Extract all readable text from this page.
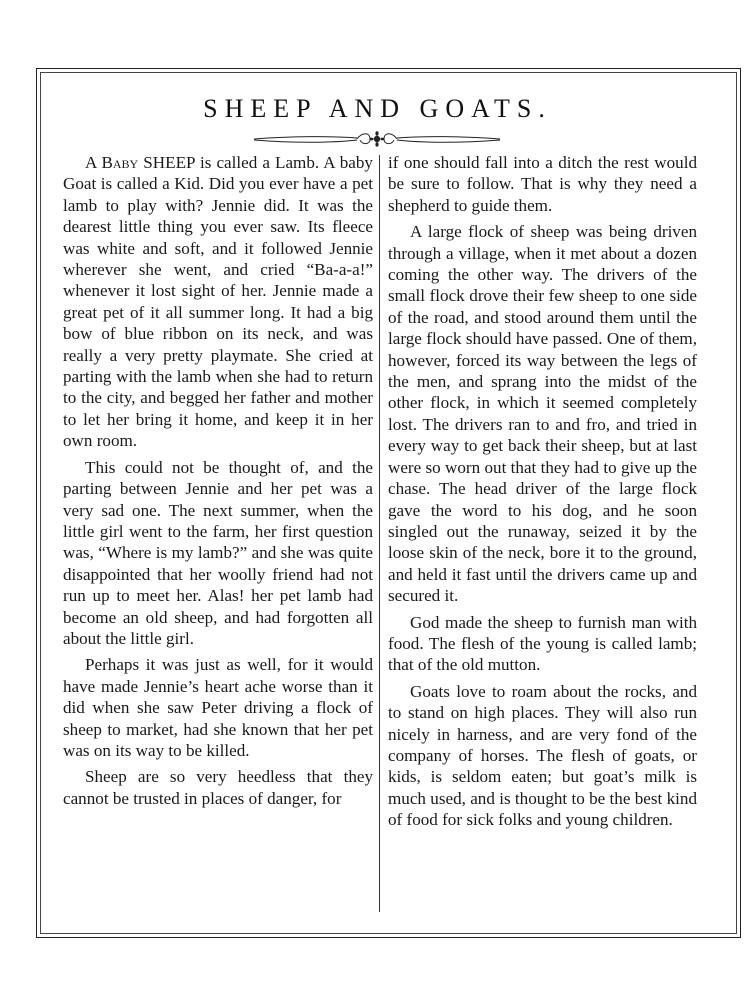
SHEEP AND GOATS.

A Baby SHEEP is called a Lamb. A baby Goat is called a Kid. Did you ever have a pet lamb to play with? Jennie did. It was the dearest little thing you ever saw. Its fleece was white and soft, and it followed Jennie wherever she went, and cried “Ba-a-a!” whenever it lost sight of her. Jennie made a great pet of it all summer long. It had a big bow of blue ribbon on its neck, and was really a very pretty playmate. She cried at parting with the lamb when she had to return to the city, and begged her father and mother to let her bring it home, and keep it in her own room.

This could not be thought of, and the parting between Jennie and her pet was a very sad one. The next summer, when the little girl went to the farm, her first question was, “Where is my lamb?” and she was quite disappointed that her woolly friend had not run up to meet her. Alas! her pet lamb had become an old sheep, and had forgotten all about the little girl.

Perhaps it was just as well, for it would have made Jennie’s heart ache worse than it did when she saw Peter driving a flock of sheep to market, had she known that her pet was on its way to be killed.

Sheep are so very heedless that they cannot be trusted in places of danger, for

if one should fall into a ditch the rest would be sure to follow. That is why they need a shepherd to guide them.

A large flock of sheep was being driven through a village, when it met about a dozen coming the other way. The drivers of the small flock drove their few sheep to one side of the road, and stood around them until the large flock should have passed. One of them, however, forced its way between the legs of the men, and sprang into the midst of the other flock, in which it seemed completely lost. The drivers ran to and fro, and tried in every way to get back their sheep, but at last were so worn out that they had to give up the chase. The head driver of the large flock gave the word to his dog, and he soon singled out the runaway, seized it by the loose skin of the neck, bore it to the ground, and held it fast until the drivers came up and secured it.

God made the sheep to furnish man with food. The flesh of the young is called lamb; that of the old mutton.

Goats love to roam about the rocks, and to stand on high places. They will also run nicely in harness, and are very fond of the company of horses. The flesh of goats, or kids, is seldom eaten; but goat’s milk is much used, and is thought to be the best kind of food for sick folks and young children.
